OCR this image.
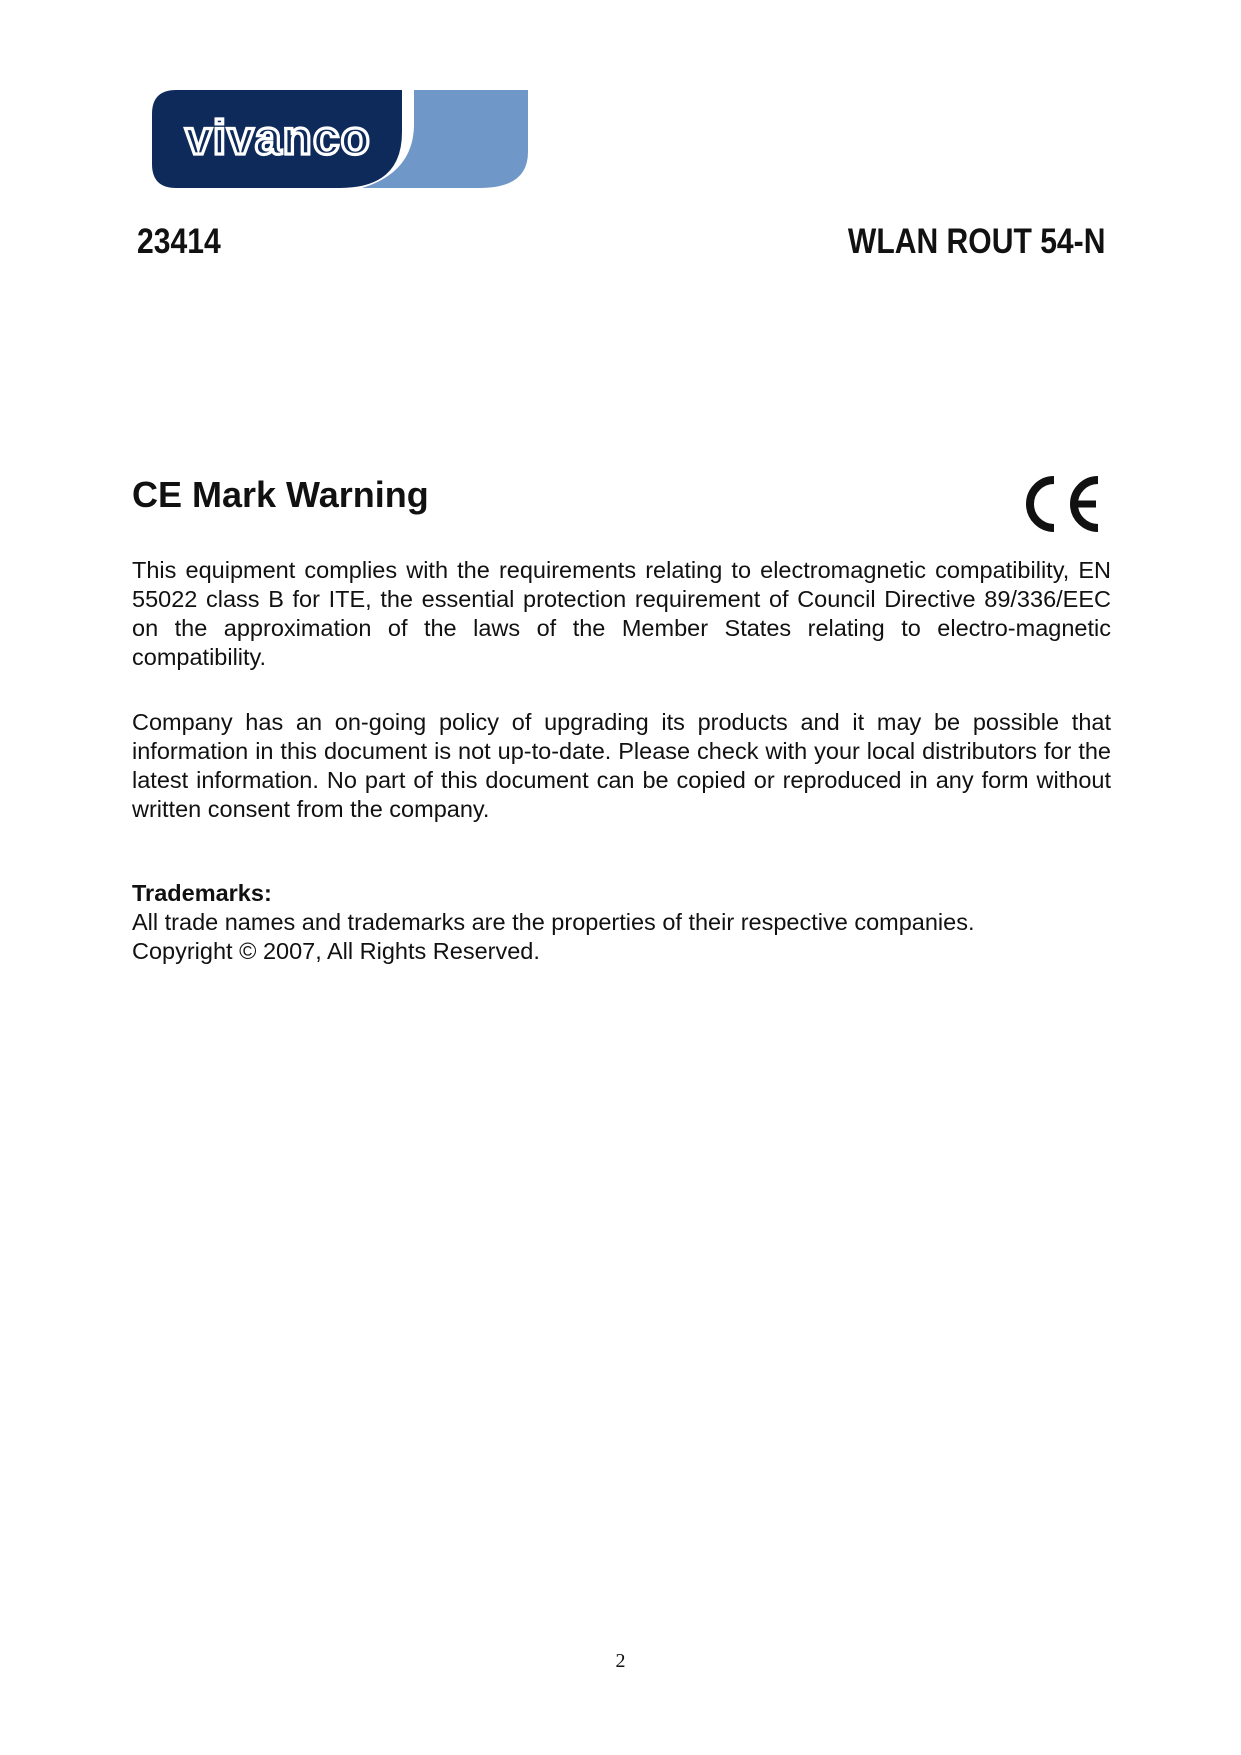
vivanco
23414	WLAN ROUT 54-N
CE Mark Warning

This equipment complies with the requirements relating to electromagnetic compatibility, EN 55022 class B for ITE, the essential protection requirement of Council Directive 89/336/EEC on the approximation of the laws of the Member States relating to electro-magnetic compatibility.

Company has an on-going policy of upgrading its products and it may be possible that information in this document is not up-to-date. Please check with your local distributors for the latest information. No part of this document can be copied or reproduced in any form without written consent from the company.

Trademarks:
All trade names and trademarks are the properties of their respective companies.
Copyright © 2007, All Rights Reserved.
2
